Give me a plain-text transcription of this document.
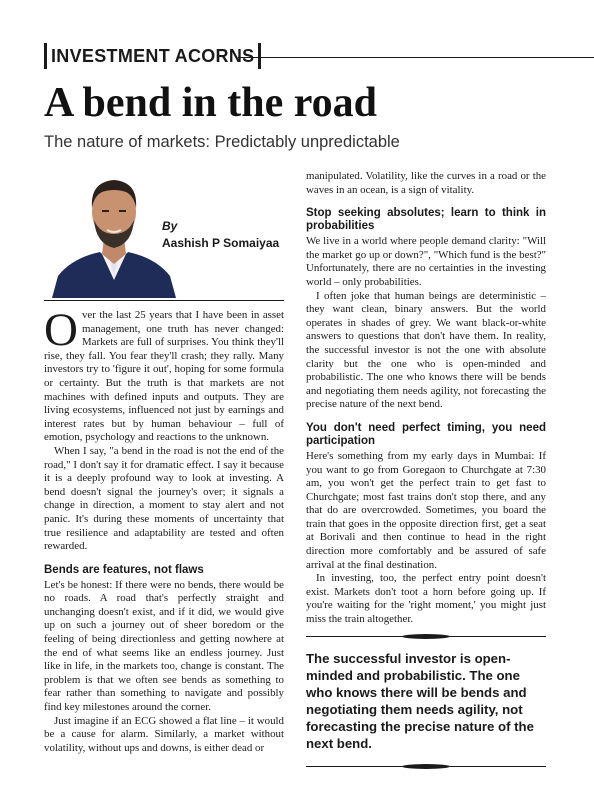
INVESTMENT ACORNS
A bend in the road
The nature of markets: Predictably unpredictable
By
Aashish P Somaiyaa

Over the last 25 years that I have been in asset management, one truth has never changed: Markets are full of surprises. You think they'll rise, they fall. You fear they'll crash; they rally. Many investors try to 'figure it out', hoping for some formula or certainty. But the truth is that markets are not machines with defined inputs and outputs. They are living ecosystems, influenced not just by earnings and interest rates but by human behaviour – full of emotion, psychology and reactions to the unknown.

When I say, "a bend in the road is not the end of the road," I don't say it for dramatic effect. I say it because it is a deeply profound way to look at investing. A bend doesn't signal the journey's over; it signals a change in direction, a moment to stay alert and not panic. It's during these moments of uncertainty that true resilience and adaptability are tested and often rewarded.

Bends are features, not flaws

Let's be honest: If there were no bends, there would be no roads. A road that's perfectly straight and unchanging doesn't exist, and if it did, we would give up on such a journey out of sheer boredom or the feeling of being directionless and getting nowhere at the end of what seems like an endless journey. Just like in life, in the markets too, change is constant. The problem is that we often see bends as something to fear rather than something to navigate and possibly find key milestones around the corner.

Just imagine if an ECG showed a flat line – it would be a cause for alarm. Similarly, a market without volatility, without ups and downs, is either dead or

manipulated. Volatility, like the curves in a road or the waves in an ocean, is a sign of vitality.

Stop seeking absolutes; learn to think in probabilities

We live in a world where people demand clarity: "Will the market go up or down?", "Which fund is the best?" Unfortunately, there are no certainties in the investing world – only probabilities.

I often joke that human beings are deterministic – they want clean, binary answers. But the world operates in shades of grey. We want black-or-white answers to questions that don't have them. In reality, the successful investor is not the one with absolute clarity but the one who is open-minded and probabilistic. The one who knows there will be bends and negotiating them needs agility, not forecasting the precise nature of the next bend.

You don't need perfect timing, you need participation

Here's something from my early days in Mumbai: If you want to go from Goregaon to Churchgate at 7:30 am, you won't get the perfect train to get fast to Churchgate; most fast trains don't stop there, and any that do are overcrowded. Sometimes, you board the train that goes in the opposite direction first, get a seat at Borivali and then continue to head in the right direction more comfortably and be assured of safe arrival at the final destination.

In investing, too, the perfect entry point doesn't exist. Markets don't toot a horn before going up. If you're waiting for the 'right moment,' you might just miss the train altogether.

The successful investor is open-minded and probabilistic. The one who knows there will be bends and negotiating them needs agility, not forecasting the precise nature of the next bend.
